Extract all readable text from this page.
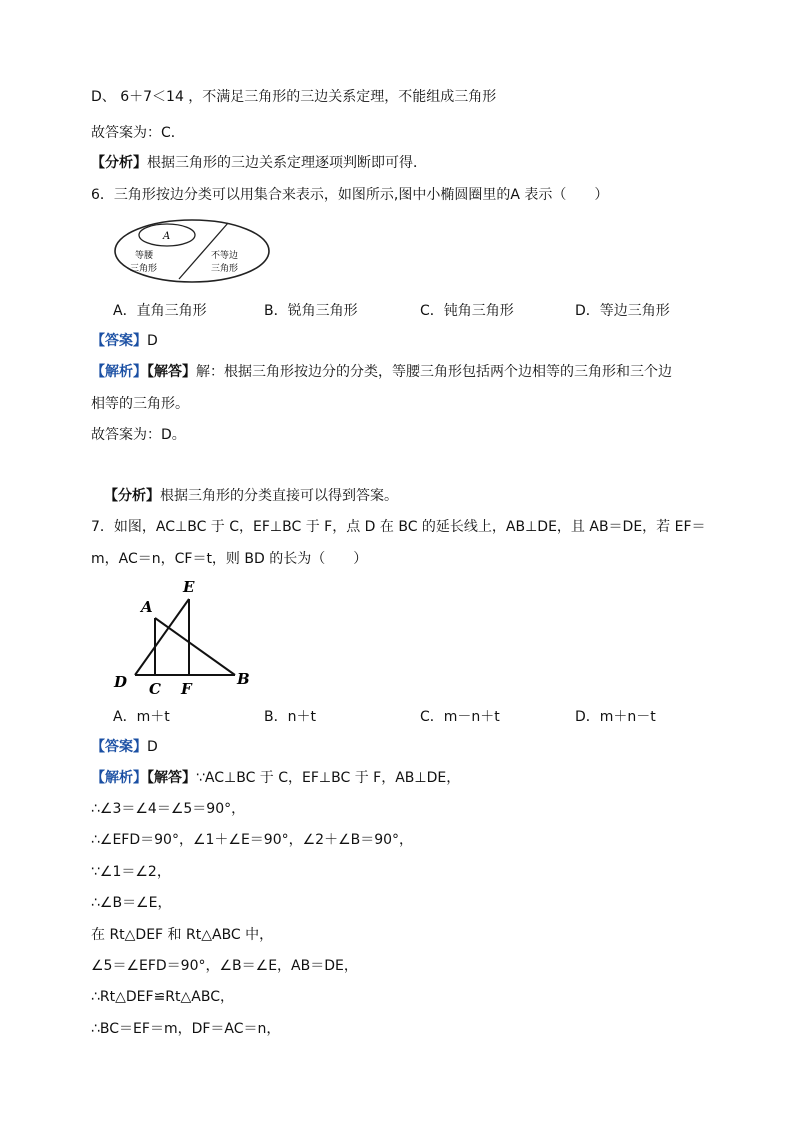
D、 6＋7＜14 ，不满足三角形的三边关系定理，不能组成三角形
故答案为：C．
【分析】根据三角形的三边关系定理逐项判断即可得．
6．三角形按边分类可以用集合来表示，如图所示,图中小椭圆圈里的A 表示（　　）
A
等腰
三角形
不等边
三角形
A．直角三角形	B．锐角三角形	C．钝角三角形	D．等边三角形
【答案】D
【解析】【解答】解：根据三角形按边分的分类，等腰三角形包括两个边相等的三角形和三个边
相等的三角形。
故答案为：D。
【分析】根据三角形的分类直接可以得到答案。
7．如图，AC⊥BC 于 C，EF⊥BC 于 F，点 D 在 BC 的延长线上，AB⊥DE，且 AB＝DE，若 EF＝
m，AC＝n，CF＝t，则 BD 的长为（　　）
A
E
D C F
B
A．m＋t	B．n＋t	C．m－n＋t	D．m＋n－t
【答案】D
【解析】【解答】∵AC⊥BC 于 C，EF⊥BC 于 F，AB⊥DE，
∴∠3＝∠4＝∠5＝90°，
∴∠EFD＝90°，∠1＋∠E＝90°，∠2＋∠B＝90°，
∵∠1＝∠2，
∴∠B＝∠E，
在 Rt△DEF 和 Rt△ABC 中，
∠5＝∠EFD＝90°，∠B＝∠E，AB＝DE，
∴Rt△DEF≌Rt△ABC，
∴BC＝EF＝m，DF＝AC＝n，
